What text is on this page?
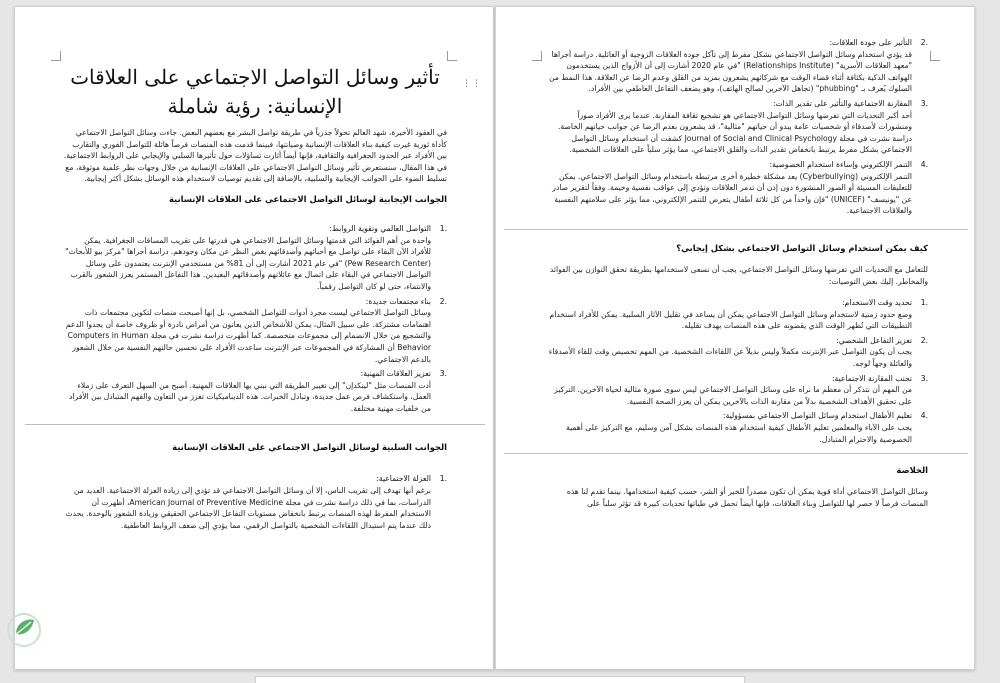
تأثير وسائل التواصل الاجتماعي على العلاقات الإنسانية: رؤية شاملة

في العقود الأخيرة، شهد العالم تحولاً جذرياً في طريقة تواصل البشر مع بعضهم البعض. جاءت وسائل التواصل الاجتماعي كأداة ثورية غيرت كيفية بناء العلاقات الإنسانية وصيانتها، فبينما قدمت هذه المنصات فرصاً هائلة للتواصل الفوري والتقارب بين الأفراد عبر الحدود الجغرافية والثقافية، فإنها أيضاً أثارت تساؤلات حول تأثيرها السلبي والإيجابي على الروابط الاجتماعية. في هذا المقال، سنستعرض تأثير وسائل التواصل الاجتماعي على العلاقات الإنسانية من خلال وجهات نظر علمية موثوقة، مع تسليط الضوء على الجوانب الإيجابية والسلبية، بالإضافة إلى تقديم توصيات لاستخدام هذه الوسائل بشكل أكثر إيجابية.

الجوانب الإيجابية لوسائل التواصل الاجتماعي على العلاقات الإنسانية
.1
التواصل العالمي وتقوية الروابط:
واحدة من أهم الفوائد التي قدمتها وسائل التواصل الاجتماعي هي قدرتها على تقريب المسافات الجغرافية. يمكن للأفراد الآن البقاء على تواصل مع أحبائهم وأصدقائهم بغض النظر عن مكان وجودهم. دراسة أجراها "مركز بيو للأبحاث" (Pew Research Center) "في عام 2021 أشارت إلى أن 81% من مستخدمي الإنترنت يعتمدون على وسائل التواصل الاجتماعي في البقاء على اتصال مع عائلاتهم وأصدقائهم البعيدين. هذا التفاعل المستمر يعزز الشعور بالقرب والانتماء، حتى لو كان التواصل رقمياً.
.2
بناء مجتمعات جديدة:
وسائل التواصل الاجتماعي ليست مجرد أدوات للتواصل الشخصي، بل إنها أصبحت منصات لتكوين مجتمعات ذات اهتمامات مشتركة. على سبيل المثال، يمكن للأشخاص الذين يعانون من أمراض نادرة أو ظروف خاصة أن يجدوا الدعم والتشجيع من خلال الانضمام إلى مجموعات متخصصة. كما أظهرت دراسة نشرت في مجلة Computers in Human Behavior أن المشاركة في المجموعات عبر الإنترنت ساعدت الأفراد على تحسين حالتهم النفسية من خلال الشعور بالدعم الاجتماعي.
.3
تعزيز العلاقات المهنية:
أدت المنصات مثل "لينكدإن" إلى تغيير الطريقة التي نبني بها العلاقات المهنية. أصبح من السهل التعرف على زملاء العمل، واستكشاف فرص عمل جديدة، وتبادل الخبرات. هذه الديناميكيات تعزز من التعاون والفهم المتبادل بين الأفراد من خلفيات مهنية مختلفة.
الجوانب السلبية لوسائل التواصل الاجتماعي على العلاقات الإنسانية
.1
العزلة الاجتماعية:
برغم أنها تهدف إلى تقريب الناس، إلا أن وسائل التواصل الاجتماعي قد تؤدي إلى زيادة العزلة الاجتماعية. العديد من الدراسات، بما في ذلك دراسة نشرت في مجلة American Journal of Preventive Medicine، أظهرت أن الاستخدام المفرط لهذه المنصات يرتبط بانخفاض مستويات التفاعل الاجتماعي الحقيقي وزيادة الشعور بالوحدة. يحدث ذلك عندما يتم استبدال اللقاءات الشخصية بالتواصل الرقمي، مما يؤدي إلى ضعف الروابط العاطفية.
⋮⋮
.2
التأثير على جودة العلاقات:
قد يؤدي استخدام وسائل التواصل الاجتماعي بشكل مفرط إلى تآكل جودة العلاقات الزوجية أو العائلية. دراسة أجراها "معهد العلاقات الأسرية" (Relationships Institute) "في عام 2020 أشارت إلى أن الأزواج الذين يستخدمون الهواتف الذكية بكثافة أثناء قضاء الوقت مع شركائهم يشعرون بمزيد من القلق وعدم الرضا عن العلاقة. هذا النمط من السلوك يُعرف بـ "phubbing" (تجاهل الآخرين لصالح الهاتف)، وهو يضعف التفاعل العاطفي بين الأفراد.
.3
المقارنة الاجتماعية والتأثير على تقدير الذات:
أحد أكبر التحديات التي تفرضها وسائل التواصل الاجتماعي هو تشجيع ثقافة المقارنة. عندما يرى الأفراد صوراً ومنشورات لأصدقاء أو شخصيات عامة يبدو أن حياتهم "مثالية"، قد يشعرون بعدم الرضا عن جوانب حياتهم الخاصة. دراسة نشرت في مجلة Journal of Social and Clinical Psychology كشفت أن استخدام وسائل التواصل الاجتماعي بشكل مفرط يرتبط بانخفاض تقدير الذات والقلق الاجتماعي، مما يؤثر سلباً على العلاقات الشخصية.
.4
التنمر الإلكتروني وإساءة استخدام الخصوصية:
التنمر الإلكتروني (Cyberbullying) يعد مشكلة خطيرة أخرى مرتبطة باستخدام وسائل التواصل الاجتماعي. يمكن للتعليقات المسيئة أو الصور المنشورة دون إذن أن تدمر العلاقات وتؤدي إلى عواقب نفسية وخيمة. وفقاً لتقرير صادر عن "يونيسف" (UNICEF) "فإن واحداً من كل ثلاثة أطفال يتعرض للتنمر الإلكتروني، مما يؤثر على سلامتهم النفسية والعلاقات الاجتماعية.
كيف يمكن استخدام وسائل التواصل الاجتماعي بشكل إيجابي؟

للتعامل مع التحديات التي تفرضها وسائل التواصل الاجتماعي، يجب أن نسعى لاستخدامها بطريقة تحقق التوازن بين الفوائد والمخاطر. إليك بعض التوصيات:

.1
تحديد وقت الاستخدام:
وضع حدود زمنية لاستخدام وسائل التواصل الاجتماعي يمكن أن يساعد في تقليل الآثار السلبية. يمكن للأفراد استخدام التطبيقات التي تُظهر الوقت الذي يقضونه على هذه المنصات بهدف تقليله.
.2
تعزيز التفاعل الشخصي:
يجب أن يكون التواصل عبر الإنترنت مكملاً وليس بديلاً عن اللقاءات الشخصية. من المهم تخصيص وقت للقاء الأصدقاء والعائلة وجهاً لوجه.
.3
تجنب المقارنة الاجتماعية:
من المهم أن نتذكر أن معظم ما نراه على وسائل التواصل الاجتماعي ليس سوى صورة مثالية لحياة الآخرين. التركيز على تحقيق الأهداف الشخصية بدلاً من مقارنة الذات بالآخرين يمكن أن يعزز الصحة النفسية.
.4
تعليم الأطفال استخدام وسائل التواصل الاجتماعي بمسؤولية:
يجب على الآباء والمعلمين تعليم الأطفال كيفية استخدام هذه المنصات بشكل آمن وسليم، مع التركيز على أهمية الخصوصية والاحترام المتبادل.
الخلاصة

وسائل التواصل الاجتماعي أداة قوية يمكن أن تكون مصدراً للخير أو الشر، حسب كيفية استخدامها. بينما تقدم لنا هذه المنصات فرصاً لا حصر لها للتواصل وبناء العلاقات، فإنها أيضاً تحمل في طياتها تحديات كبيرة قد تؤثر سلباً على
